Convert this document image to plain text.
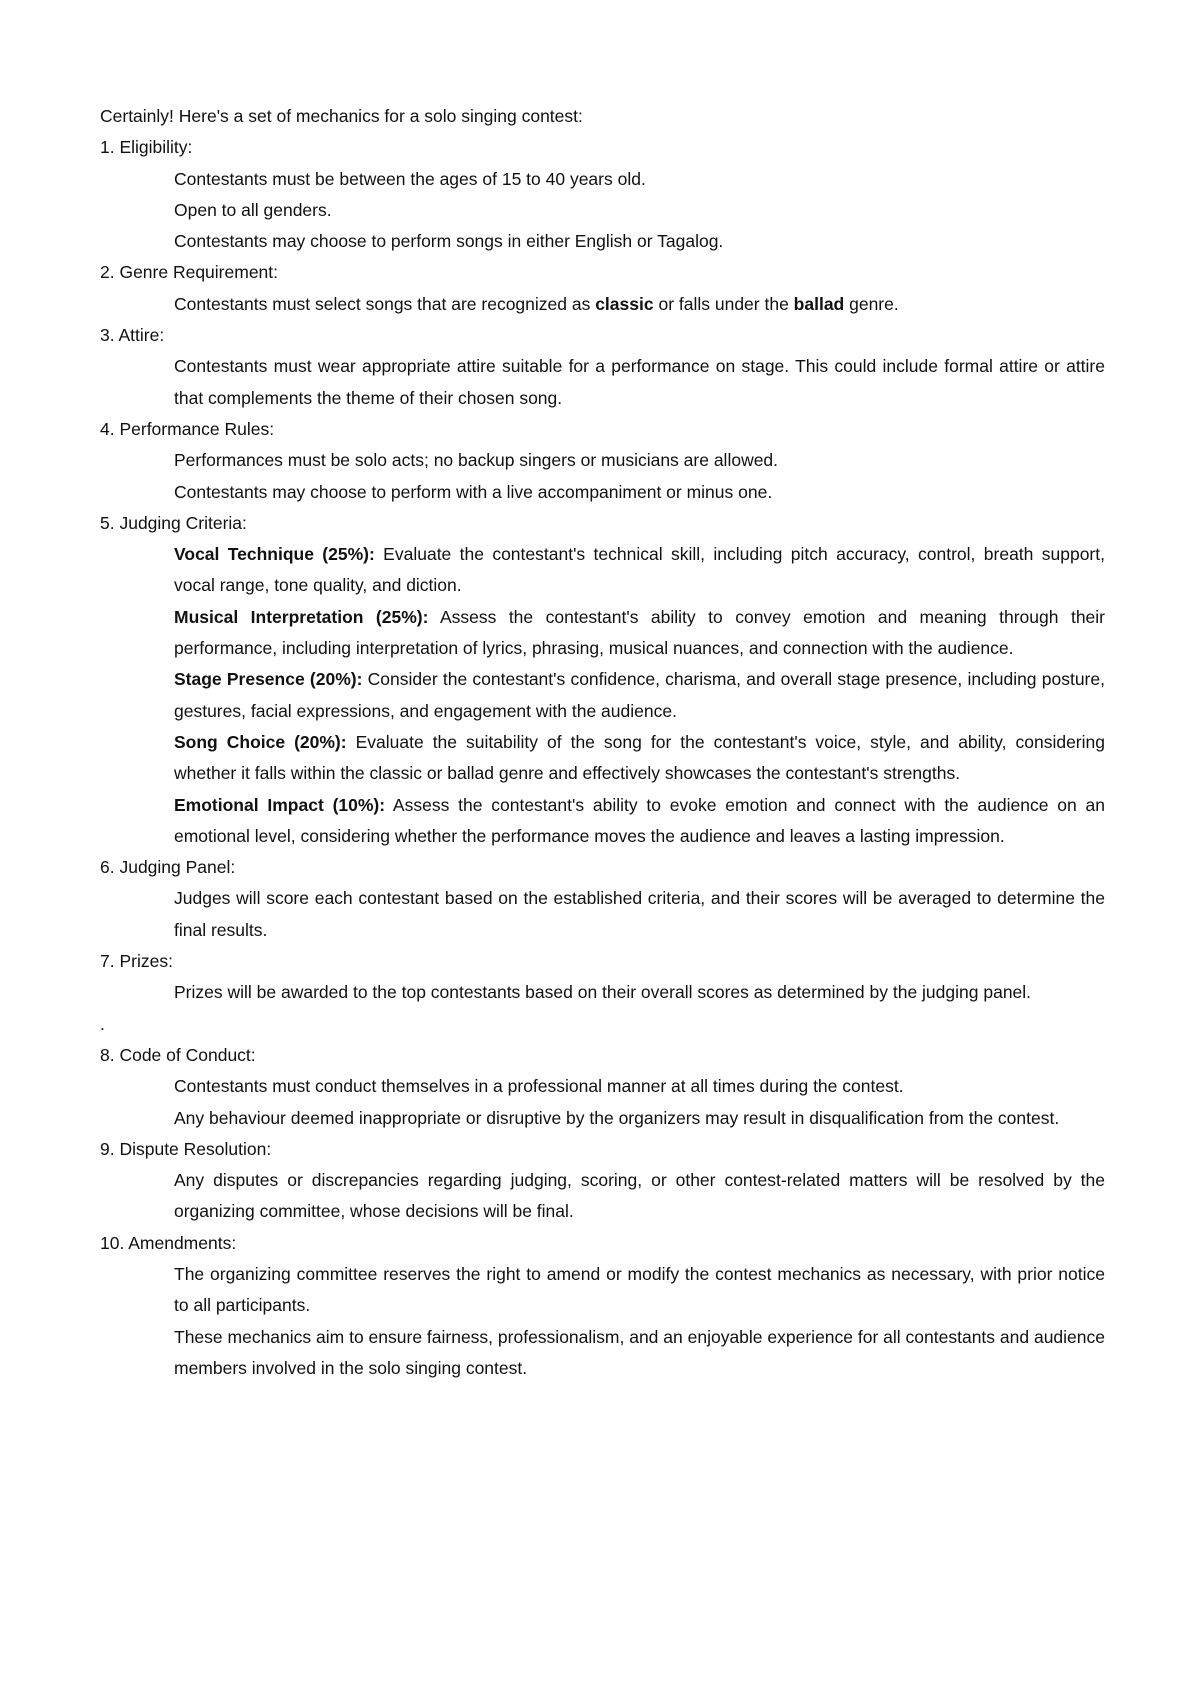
Certainly! Here's a set of mechanics for a solo singing contest:

1. Eligibility:

Contestants must be between the ages of 15 to 40 years old.

Open to all genders.

Contestants may choose to perform songs in either English or Tagalog.

2. Genre Requirement:

Contestants must select songs that are recognized as classic or falls under the ballad genre.

3. Attire:

Contestants must wear appropriate attire suitable for a performance on stage. This could include formal attire or attire that complements the theme of their chosen song.

4. Performance Rules:

Performances must be solo acts; no backup singers or musicians are allowed.

Contestants may choose to perform with a live accompaniment or minus one.

5. Judging Criteria:

Vocal Technique (25%): Evaluate the contestant's technical skill, including pitch accuracy, control, breath support, vocal range, tone quality, and diction.

Musical Interpretation (25%): Assess the contestant's ability to convey emotion and meaning through their performance, including interpretation of lyrics, phrasing, musical nuances, and connection with the audience.

Stage Presence (20%): Consider the contestant's confidence, charisma, and overall stage presence, including posture, gestures, facial expressions, and engagement with the audience.

Song Choice (20%): Evaluate the suitability of the song for the contestant's voice, style, and ability, considering whether it falls within the classic or ballad genre and effectively showcases the contestant's strengths.

Emotional Impact (10%): Assess the contestant's ability to evoke emotion and connect with the audience on an emotional level, considering whether the performance moves the audience and leaves a lasting impression.

6. Judging Panel:

Judges will score each contestant based on the established criteria, and their scores will be averaged to determine the final results.

7. Prizes:

Prizes will be awarded to the top contestants based on their overall scores as determined by the judging panel.

.

8. Code of Conduct:

Contestants must conduct themselves in a professional manner at all times during the contest.

Any behaviour deemed inappropriate or disruptive by the organizers may result in disqualification from the contest.

9. Dispute Resolution:

Any disputes or discrepancies regarding judging, scoring, or other contest-related matters will be resolved by the organizing committee, whose decisions will be final.

10. Amendments:

The organizing committee reserves the right to amend or modify the contest mechanics as necessary, with prior notice to all participants.

These mechanics aim to ensure fairness, professionalism, and an enjoyable experience for all contestants and audience members involved in the solo singing contest.
